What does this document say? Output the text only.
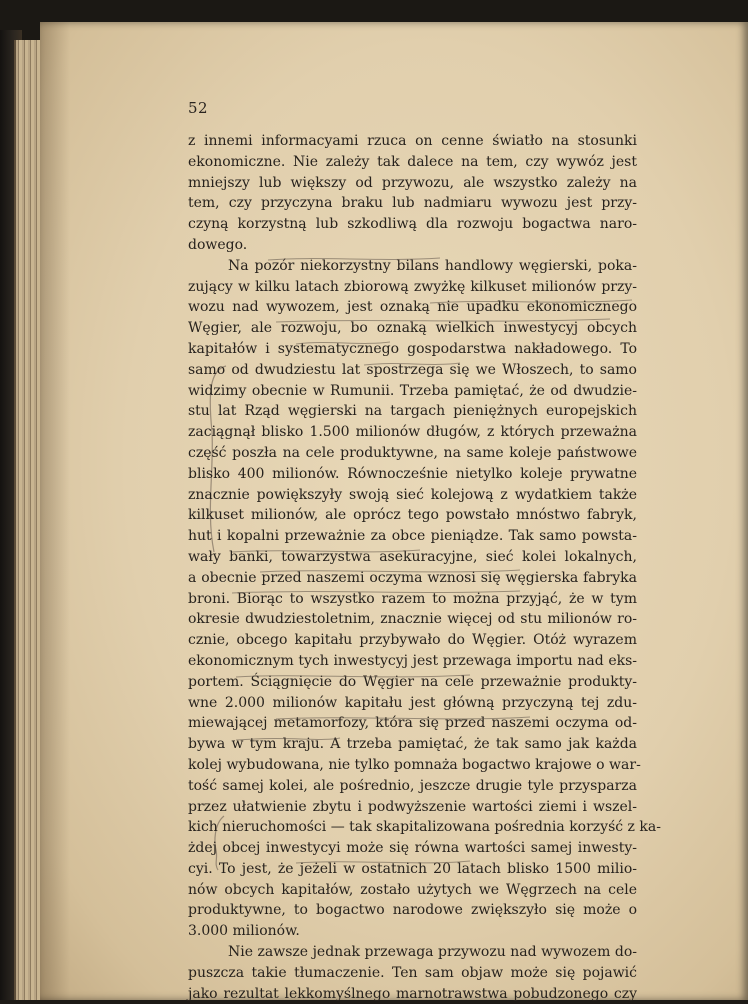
52
z innemi informacyami rzuca on cenne światło na stosunki
ekonomiczne. Nie zależy tak dalece na tem, czy wywóz jest
mniejszy lub większy od przywozu, ale wszystko zależy na
tem, czy przyczyna braku lub nadmiaru wywozu jest przy-
czyną korzystną lub szkodliwą dla rozwoju bogactwa naro-
dowego.
Na pozór niekorzystny bilans handlowy węgierski, poka-
zujący w kilku latach zbiorową zwyżkę kilkuset milionów przy-
wozu nad wywozem, jest oznaką nie upadku ekonomicznego
Węgier, ale rozwoju, bo oznaką wielkich inwestycyj obcych
kapitałów i systematycznego gospodarstwa nakładowego. To
samo od dwudziestu lat spostrzega się we Włoszech, to samo
widzimy obecnie w Rumunii. Trzeba pamiętać, że od dwudzie-
stu lat Rząd węgierski na targach pieniężnych europejskich
zaciągnął blisko 1.500 milionów długów, z których przeważna
część poszła na cele produktywne, na same koleje państwowe
blisko 400 milionów. Równocześnie nietylko koleje prywatne
znacznie powiększyły swoją sieć kolejową z wydatkiem także
kilkuset milionów, ale oprócz tego powstało mnóstwo fabryk,
hut i kopalni przeważnie za obce pieniądze. Tak samo powsta-
wały banki, towarzystwa asekuracyjne, sieć kolei lokalnych,
a obecnie przed naszemi oczyma wznosi się węgierska fabryka
broni. Biorąc to wszystko razem to można przyjąć, że w tym
okresie dwudziestoletnim, znacznie więcej od stu milionów ro-
cznie, obcego kapitału przybywało do Węgier. Otóż wyrazem
ekonomicznym tych inwestycyj jest przewaga importu nad eks-
portem. Ściągnięcie do Węgier na cele przeważnie produkty-
wne 2.000 milionów kapitału jest główną przyczyną tej zdu-
miewającej metamorfozy, która się przed naszemi oczyma od-
bywa w tym kraju. A trzeba pamiętać, że tak samo jak każda
kolej wybudowana, nie tylko pomnaża bogactwo krajowe o war-
tość samej kolei, ale pośrednio, jeszcze drugie tyle przysparza
przez ułatwienie zbytu i podwyższenie wartości ziemi i wszel-
kich nieruchomości — tak skapitalizowana pośrednia korzyść z ka-
żdej obcej inwestycyi może się równa wartości samej inwesty-
cyi. To jest, że jeżeli w ostatnich 20 latach blisko 1500 milio-
nów obcych kapitałów, zostało użytych we Węgrzech na cele
produktywne, to bogactwo narodowe zwiększyło się może o
3.000 milionów.
Nie zawsze jednak przewaga przywozu nad wywozem do-
puszcza takie tłumaczenie. Ten sam objaw może się pojawić
jako rezultat lekkomyślnego marnotrawstwa pobudzonego czy
